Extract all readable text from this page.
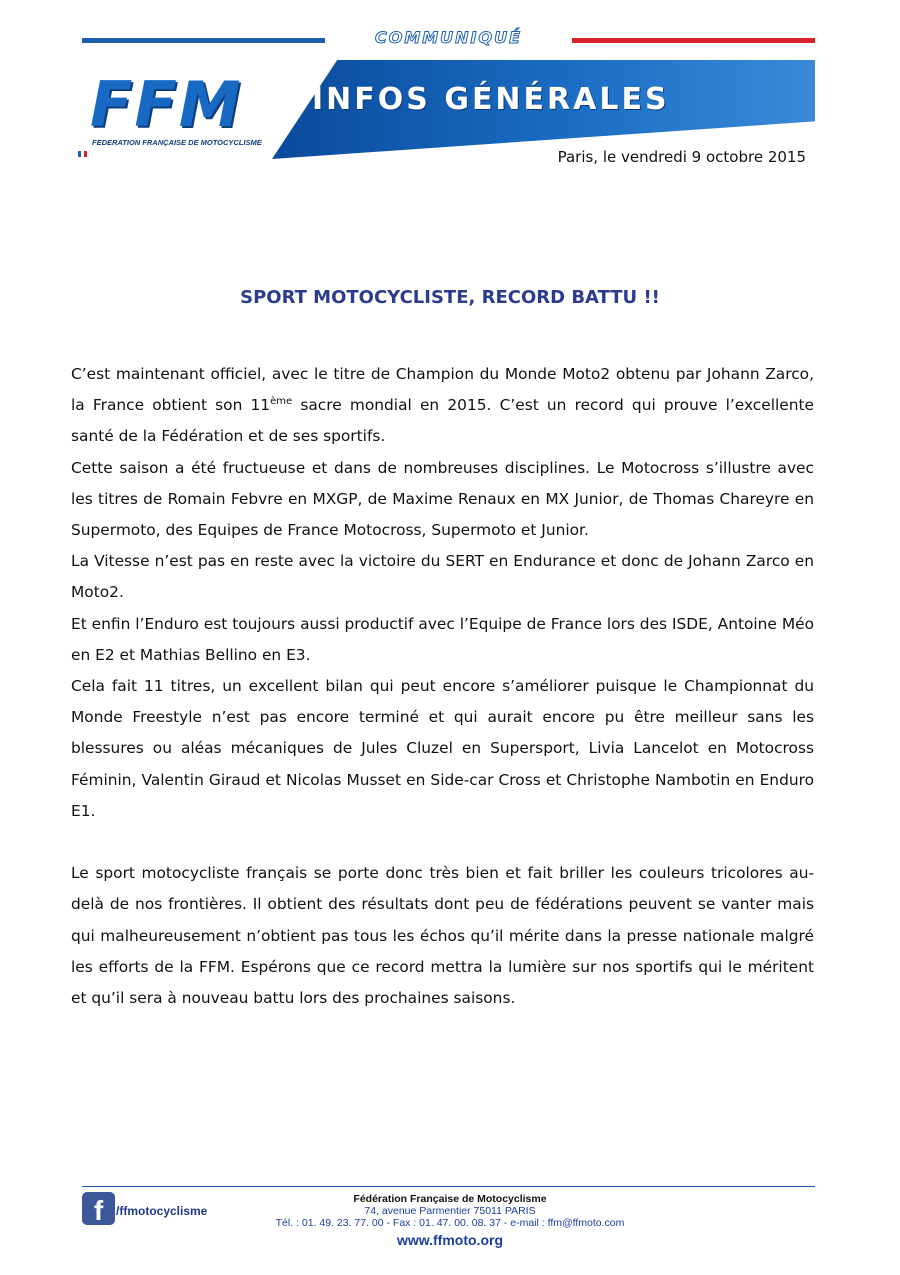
COMMUNIQUÉ
INFOS GÉNÉRALES
FFM
FEDERATION FRANÇAISE DE MOTOCYCLISME
Paris, le vendredi 9 octobre 2015
SPORT MOTOCYCLISTE, RECORD BATTU !!

C’est maintenant officiel, avec le titre de Champion du Monde Moto2 obtenu par Johann Zarco, la France obtient son 11ème sacre mondial en 2015. C’est un record qui prouve l’excellente santé de la Fédération et de ses sportifs.

Cette saison a été fructueuse et dans de nombreuses disciplines. Le Motocross s’illustre avec les titres de Romain Febvre en MXGP, de Maxime Renaux en MX Junior, de Thomas Chareyre en Supermoto, des Equipes de France Motocross, Supermoto et Junior.

La Vitesse n’est pas en reste avec la victoire du SERT en Endurance et donc de Johann Zarco en Moto2.

Et enfin l’Enduro est toujours aussi productif avec l’Equipe de France lors des ISDE, Antoine Méo en E2 et Mathias Bellino en E3.

Cela fait 11 titres, un excellent bilan qui peut encore s’améliorer puisque le Championnat du Monde Freestyle n’est pas encore terminé et qui aurait encore pu être meilleur sans les blessures ou aléas mécaniques de Jules Cluzel en Supersport, Livia Lancelot en Motocross Féminin, Valentin Giraud et Nicolas Musset en Side-car Cross et Christophe Nambotin en Enduro E1.

Le sport motocycliste français se porte donc très bien et fait briller les couleurs tricolores au-delà de nos frontières. Il obtient des résultats dont peu de fédérations peuvent se vanter mais qui malheureusement n’obtient pas tous les échos qu’il mérite dans la presse nationale malgré les efforts de la FFM. Espérons que ce record mettra la lumière sur nos sportifs qui le méritent et qu’il sera à nouveau battu lors des prochaines saisons.

f	/ffmotocyclisme
Fédération Française de Motocyclisme
74, avenue Parmentier 75011 PARIS
Tél. : 01. 49. 23. 77. 00 - Fax : 01. 47. 00. 08. 37 - e-mail : ffm@ffmoto.com
www.ffmoto.org
